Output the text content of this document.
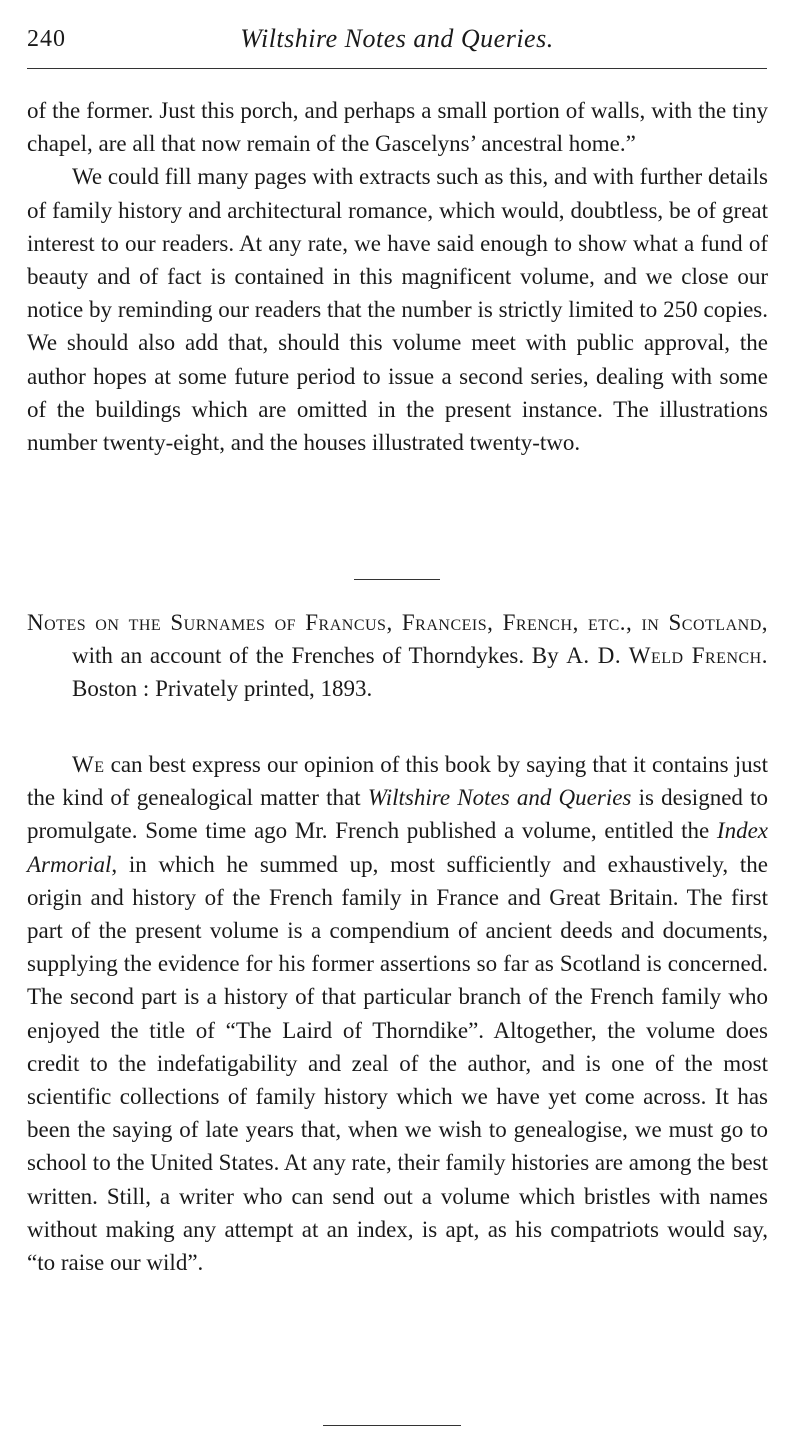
240	Wiltshire Notes and Queries.

of the former. Just this porch, and perhaps a small portion of walls, with the tiny chapel, are all that now remain of the Gascelyns’ ancestral home.”

We could fill many pages with extracts such as this, and with further details of family history and architectural romance, which would, doubtless, be of great interest to our readers. At any rate, we have said enough to show what a fund of beauty and of fact is contained in this magnificent volume, and we close our notice by reminding our readers that the number is strictly limited to 250 copies. We should also add that, should this volume meet with public approval, the author hopes at some future period to issue a second series, dealing with some of the buildings which are omitted in the present instance. The illustrations number twenty-eight, and the houses illustrated twenty-two.

Notes on the Surnames of Francus, Franceis, French, etc., in Scotland, with an account of the Frenches of Thorndykes. By A. D. Weld French. Boston : Privately printed, 1893.

We can best express our opinion of this book by saying that it contains just the kind of genealogical matter that Wiltshire Notes and Queries is designed to promulgate. Some time ago Mr. French published a volume, entitled the Index Armorial, in which he summed up, most sufficiently and exhaustively, the origin and history of the French family in France and Great Britain. The first part of the present volume is a compendium of ancient deeds and documents, supplying the evidence for his former assertions so far as Scotland is concerned. The second part is a history of that particular branch of the French family who enjoyed the title of “The Laird of Thorndike”. Altogether, the volume does credit to the indefatigability and zeal of the author, and is one of the most scientific collections of family history which we have yet come across. It has been the saying of late years that, when we wish to genealogise, we must go to school to the United States. At any rate, their family histories are among the best written. Still, a writer who can send out a volume which bristles with names without making any attempt at an index, is apt, as his compatriots would say, “to raise our wild”.
